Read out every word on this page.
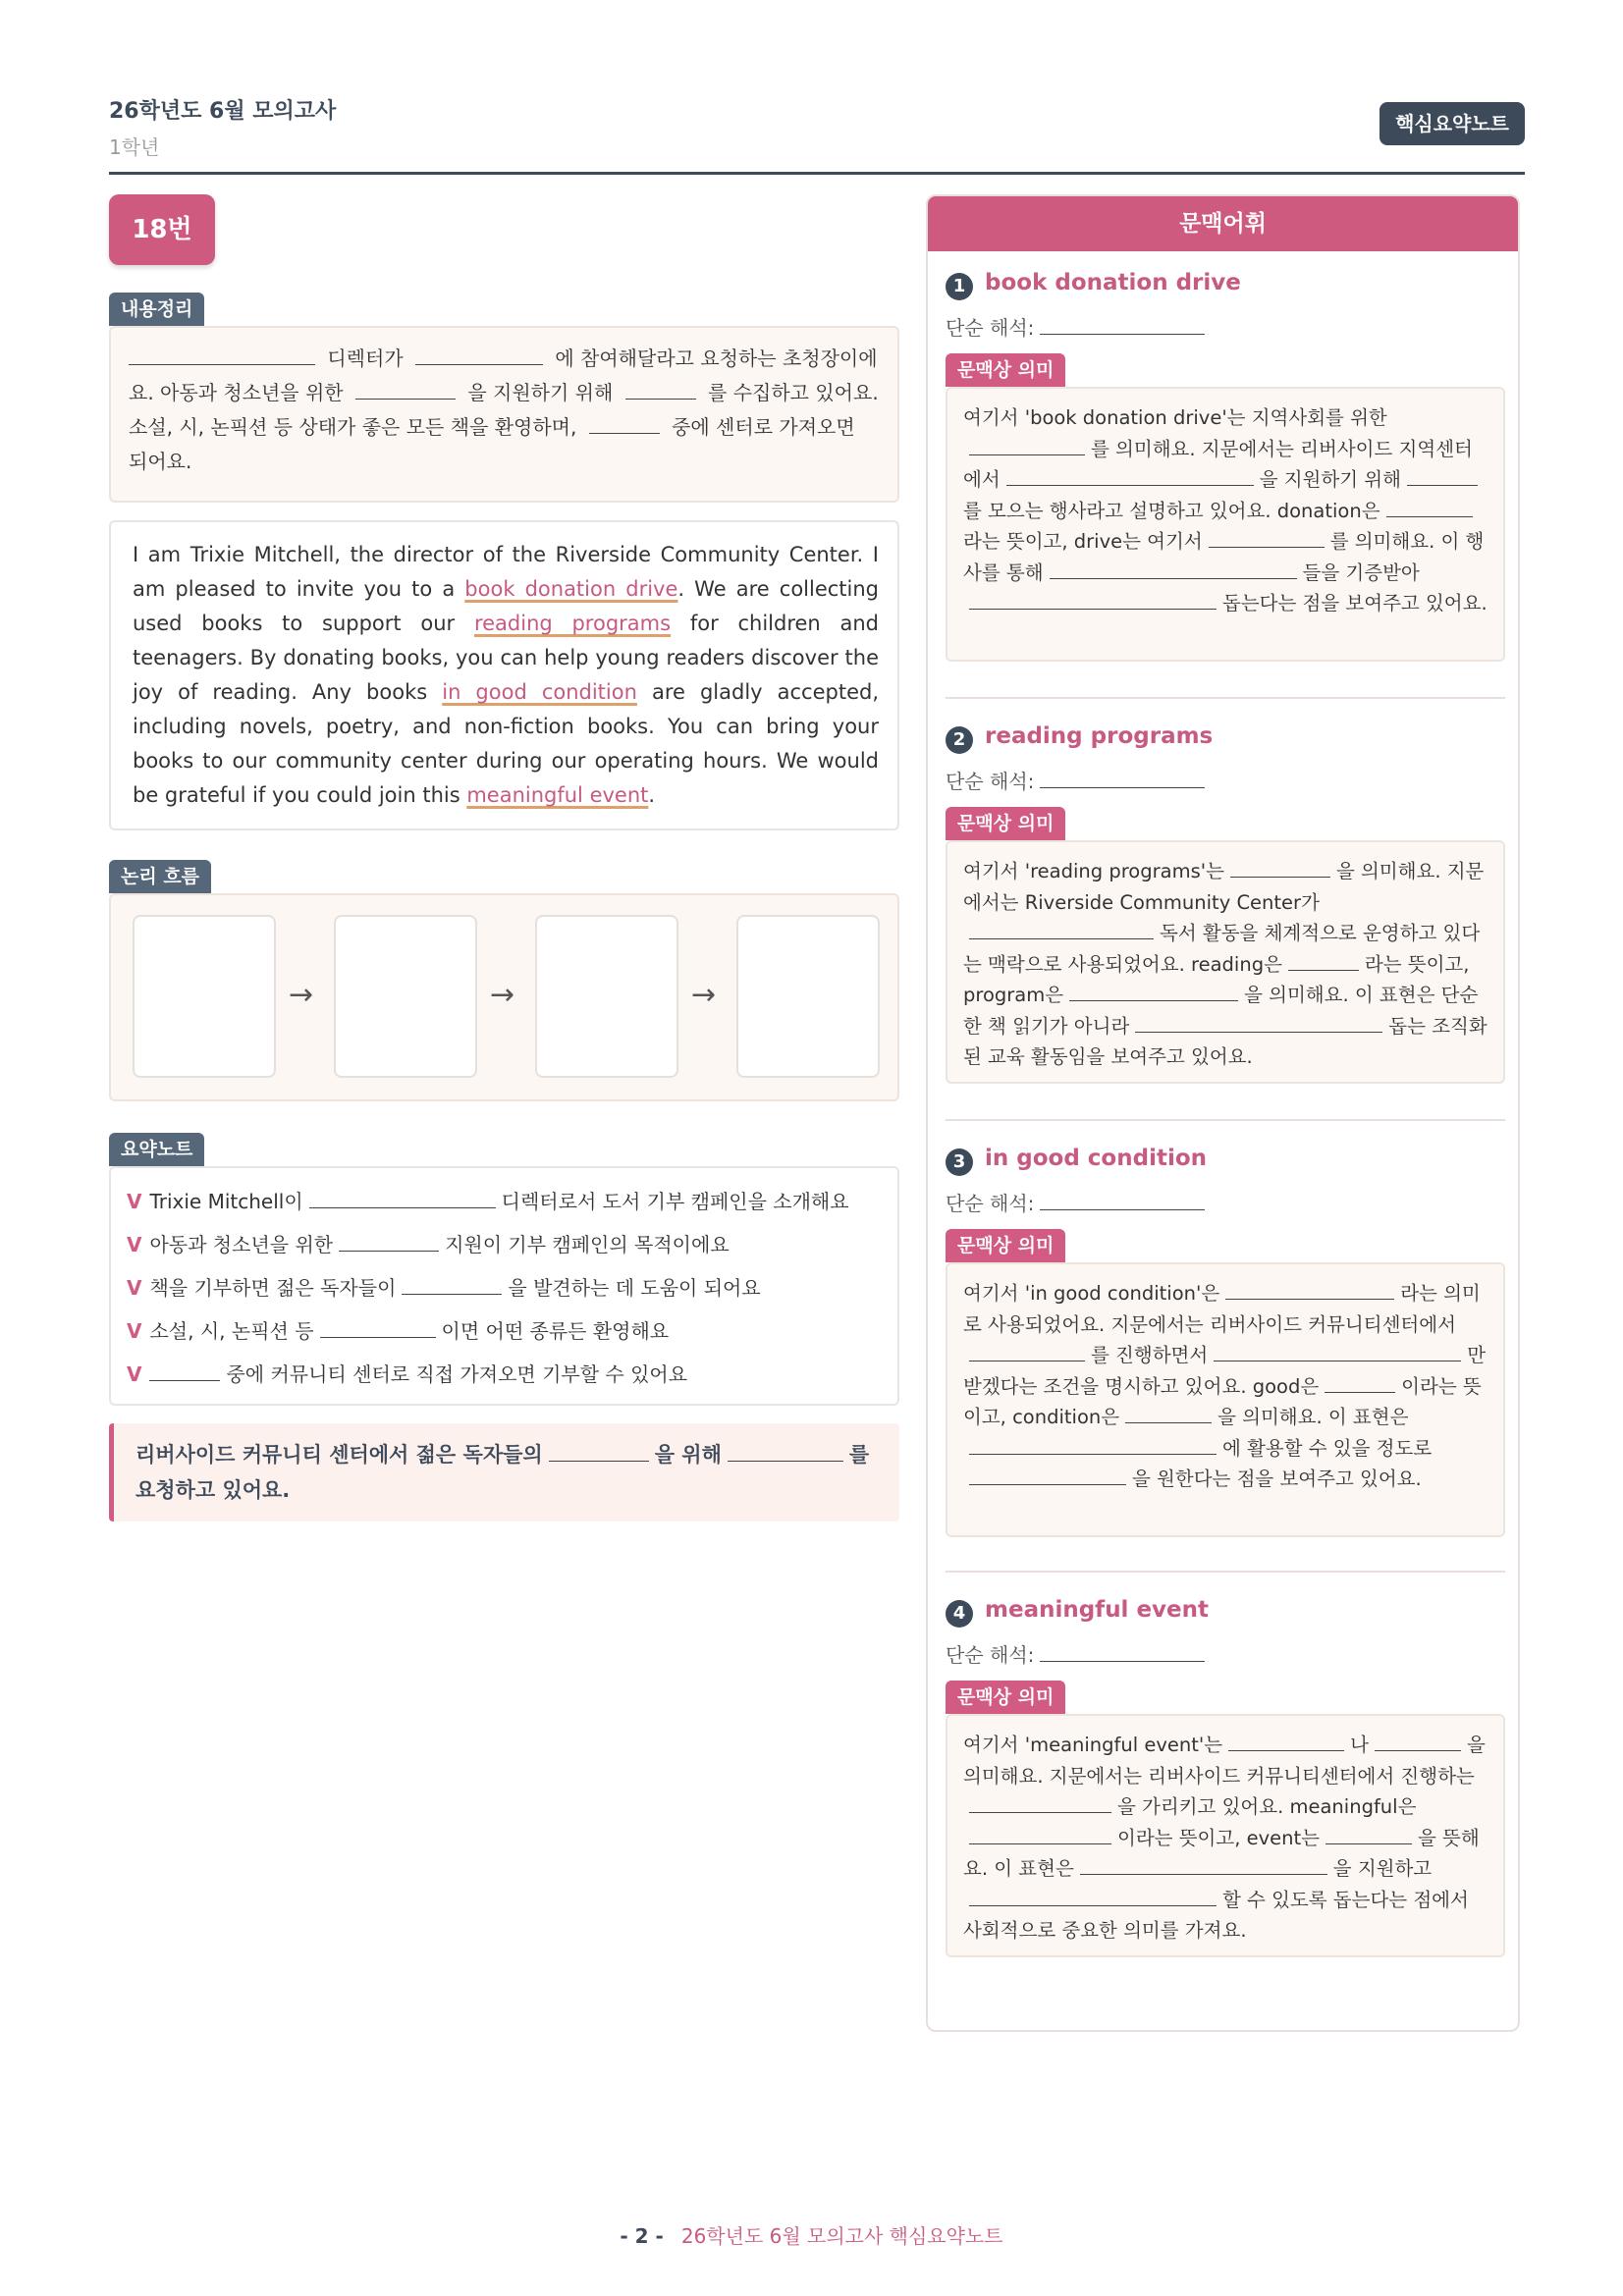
26학년도 6월 모의고사
1학년
핵심요약노트
18번
내용정리
디렉터가	에 참여해달라고 요청하는 초청장이에요. 아동과 청소년을 위한	을 지원하기 위해	를 수집하고 있어요. 소설, 시, 논픽션 등 상태가 좋은 모든 책을 환영하며,	중에 센터로 가져오면 되어요.
I am Trixie Mitchell, the director of the Riverside Community Center. I am pleased to invite you to a book donation drive. We are collecting used books to support our reading programs for children and teenagers. By donating books, you can help young readers discover the joy of reading. Any books in good condition are gladly accepted, including novels, poetry, and non-fiction books. You can bring your books to our community center during our operating hours. We would be grateful if you could join this meaningful event.
논리 흐름
→	→	→
요약노트
V Trixie Mitchell이	디렉터로서 도서 기부 캠페인을 소개해요
V 아동과 청소년을 위한	지원이 기부 캠페인의 목적이에요
V 책을 기부하면 젊은 독자들이	을 발견하는 데 도움이 되어요
V 소설, 시, 논픽션 등	이면 어떤 종류든 환영해요
V	중에 커뮤니티 센터로 직접 가져오면 기부할 수 있어요
리버사이드 커뮤니티 센터에서 젊은 독자들의	을 위해	를 요청하고 있어요.
문맥어휘
1 book donation drive
단순 해석:
문맥상 의미
여기서 'book donation drive'는 지역사회를 위한를 의미해요. 지문에서는 리버사이드 지역센터에서	을 지원하기 위해를 모으는 행사라고 설명하고 있어요. donation은라는 뜻이고, drive는 여기서	를 의미해요. 이 행사를 통해	들을 기증받아돕는다는 점을 보여주고 있어요.
2 reading programs
단순 해석:
문맥상 의미
여기서 'reading programs'는	을 의미해요. 지문에서는 Riverside Community Center가독서 활동을 체계적으로 운영하고 있다는 맥락으로 사용되었어요. reading은	라는 뜻이고, program은	을 의미해요. 이 표현은 단순한 책 읽기가 아니라	돕는 조직화된 교육 활동임을 보여주고 있어요.
3 in good condition
단순 해석:
문맥상 의미
여기서 'in good condition'은	라는 의미로 사용되었어요. 지문에서는 리버사이드 커뮤니티센터에서를 진행하면서	만 받겠다는 조건을 명시하고 있어요. good은	이라는 뜻이고, condition은	을 의미해요. 이 표현은에 활용할 수 있을 정도로을 원한다는 점을 보여주고 있어요.
4 meaningful event
단순 해석:
문맥상 의미
여기서 'meaningful event'는	나	을 의미해요. 지문에서는 리버사이드 커뮤니티센터에서 진행하는을 가리키고 있어요. meaningful은이라는 뜻이고, event는	을 뜻해요. 이 표현은	을 지원하고할 수 있도록 돕는다는 점에서 사회적으로 중요한 의미를 가져요.
- 2 - 26학년도 6월 모의고사 핵심요약노트
